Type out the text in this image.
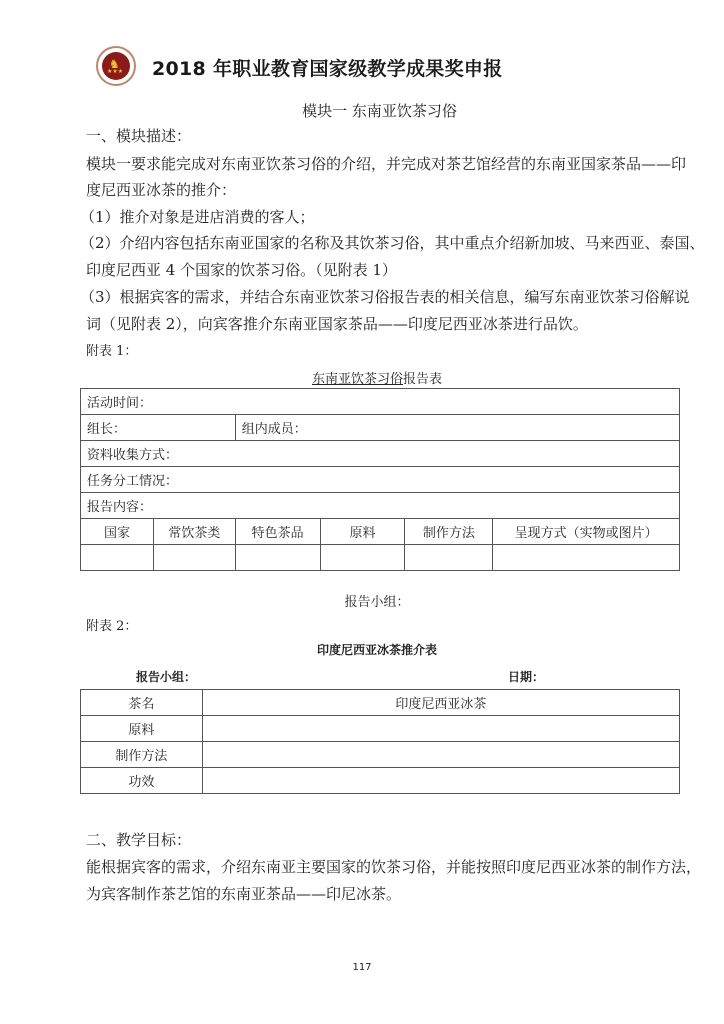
♞
★★★ 2018 年职业教育国家级教学成果奖申报
模块一 东南亚饮茶习俗
一、模块描述：
模块一要求能完成对东南亚饮茶习俗的介绍，并完成对茶艺馆经营的东南亚国家茶品——印
度尼西亚冰茶的推介：
（1）推介对象是进店消费的客人；
（2）介绍内容包括东南亚国家的名称及其饮茶习俗，其中重点介绍新加坡、马来西亚、泰国、
印度尼西亚 4 个国家的饮茶习俗。（见附表 1）
（3）根据宾客的需求，并结合东南亚饮茶习俗报告表的相关信息，编写东南亚饮茶习俗解说
词（见附表 2），向宾客推介东南亚国家茶品——印度尼西亚冰茶进行品饮。
附表 1：
东南亚饮茶习俗报告表
活动时间：					
组长：		组内成员：			
资料收集方式：					
任务分工情况：					
报告内容：					
国家	常饮茶类	特色茶品	原料	制作方法	呈现方式（实物或图片）

报告小组：
附表 2：
印度尼西亚冰茶推介表
报告小组：	日期：
茶名	印度尼西亚冰茶
原料	
制作方法	
功效	
二、教学目标：
能根据宾客的需求，介绍东南亚主要国家的饮茶习俗，并能按照印度尼西亚冰茶的制作方法，
为宾客制作茶艺馆的东南亚茶品——印尼冰茶。
117
